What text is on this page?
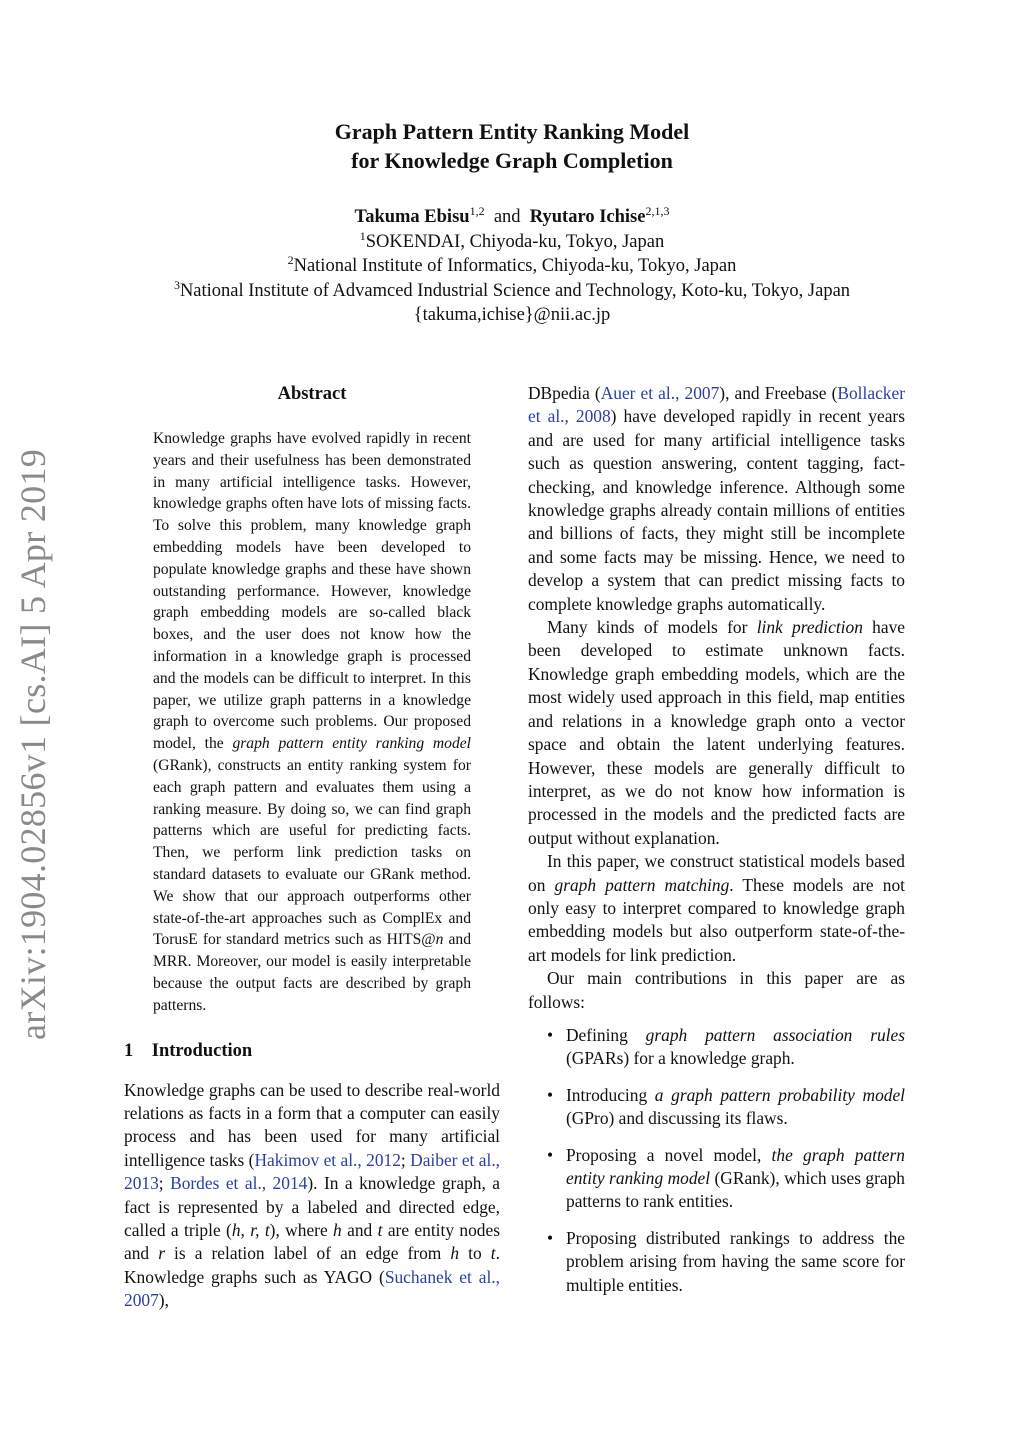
arXiv:1904.02856v1 [cs.AI] 5 Apr 2019
Graph Pattern Entity Ranking Model
for Knowledge Graph Completion
Takuma Ebisu$^{1,2}$ and Ryutaro Ichise$^{2,1,3}$
$^1$SOKENDAI, Chiyoda-ku, Tokyo, Japan
$^2$National Institute of Informatics, Chiyoda-ku, Tokyo, Japan
$^3$National Institute of Advamced Industrial Science and Technology, Koto-ku, Tokyo, Japan
{takuma,ichise}@nii.ac.jp
Abstract
Knowledge graphs have evolved rapidly in recent years and their usefulness has been demonstrated in many artificial intelligence tasks. However, knowledge graphs often have lots of missing facts. To solve this problem, many knowledge graph embedding models have been developed to populate knowledge graphs and these have shown outstanding performance. However, knowledge graph embedding models are so-called black boxes, and the user does not know how the information in a knowledge graph is processed and the models can be difficult to interpret. In this paper, we utilize graph patterns in a knowledge graph to overcome such problems. Our proposed model, the graph pattern entity ranking model (GRank), constructs an entity ranking system for each graph pattern and evaluates them using a ranking measure. By doing so, we can find graph patterns which are useful for predicting facts. Then, we perform link prediction tasks on standard datasets to evaluate our GRank method. We show that our approach outperforms other state-of-the-art approaches such as ComplEx and TorusE for standard metrics such as HITS@n and MRR. Moreover, our model is easily interpretable because the output facts are described by graph patterns.
1    Introduction
Knowledge graphs can be used to describe real-world relations as facts in a form that a computer can easily process and has been used for many artificial intelligence tasks (Hakimov et al., 2012; Daiber et al., 2013; Bordes et al., 2014). In a knowledge graph, a fact is represented by a labeled and directed edge, called a triple (h, r, t), where h and t are entity nodes and r is a relation label of an edge from h to t. Knowledge graphs such as YAGO (Suchanek et al., 2007),
DBpedia (Auer et al., 2007), and Freebase (Bollacker et al., 2008) have developed rapidly in recent years and are used for many artificial intelligence tasks such as question answering, content tagging, fact-checking, and knowledge inference. Although some knowledge graphs already contain millions of entities and billions of facts, they might still be incomplete and some facts may be missing. Hence, we need to develop a system that can predict missing facts to complete knowledge graphs automatically.
Many kinds of models for link prediction have been developed to estimate unknown facts. Knowledge graph embedding models, which are the most widely used approach in this field, map entities and relations in a knowledge graph onto a vector space and obtain the latent underlying features. However, these models are generally difficult to interpret, as we do not know how information is processed in the models and the predicted facts are output without explanation.
In this paper, we construct statistical models based on graph pattern matching. These models are not only easy to interpret compared to knowledge graph embedding models but also outperform state-of-the-art models for link prediction.
Our main contributions in this paper are as follows:
• Defining graph pattern association rules (GPARs) for a knowledge graph.
• Introducing a graph pattern probability model (GPro) and discussing its flaws.
• Proposing a novel model, the graph pattern entity ranking model (GRank), which uses graph patterns to rank entities.
• Proposing distributed rankings to address the problem arising from having the same score for multiple entities.
